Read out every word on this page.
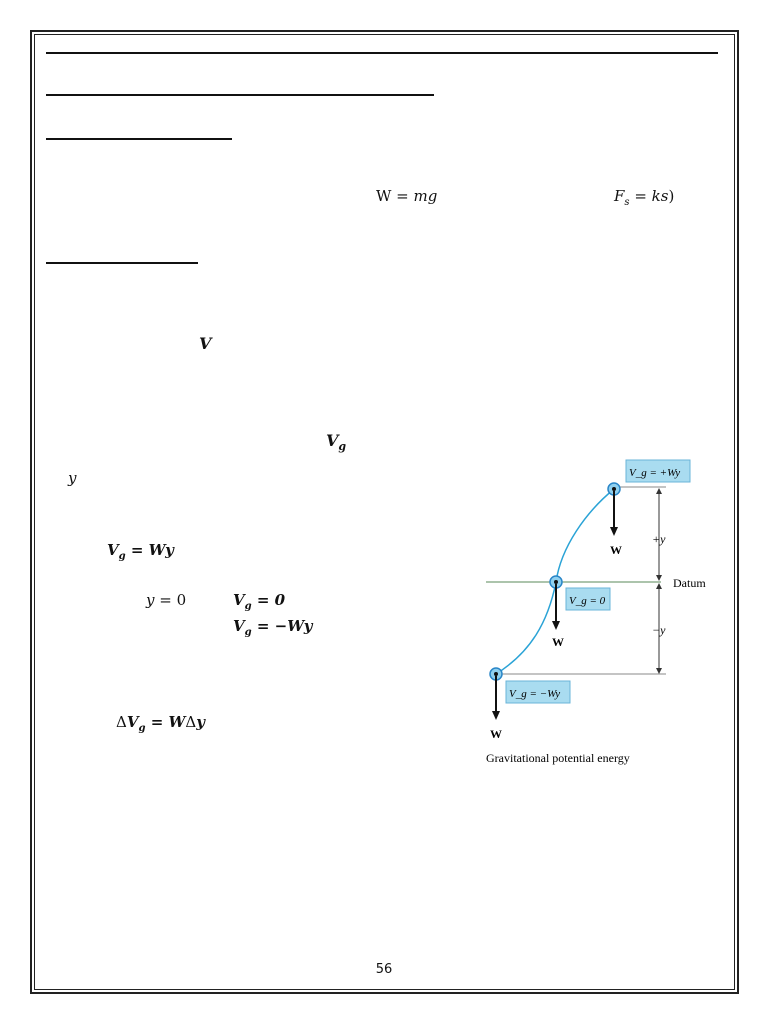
W = mg	$F_s = ks$)
V
$V_g$
y
$V_g = Wy$
y = 0	$V_g = 0$
$V_g = -Wy$
$\Delta V_g = W\Delta y$
V_g = +Wy
V_g = 0
V_g = −Wy
W
W
W
+y
−y
Datum
Gravitational potential energy
56
